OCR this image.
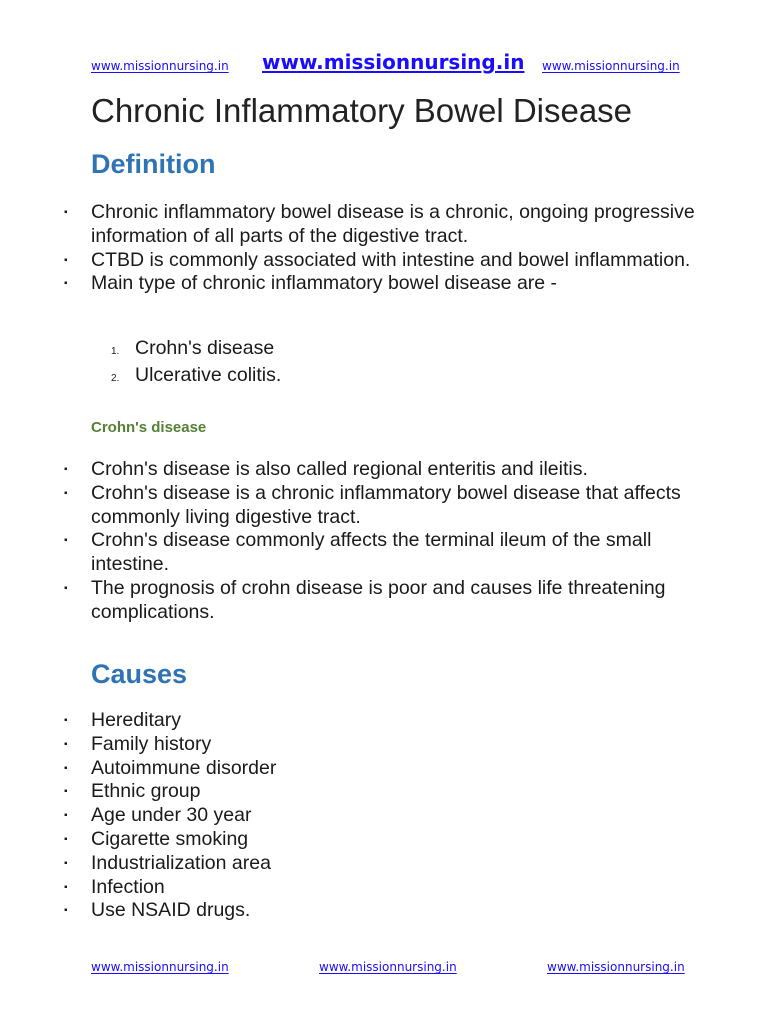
www.missionnursing.in www.missionnursing.in www.missionnursing.in
Chronic Inflammatory Bowel Disease
Definition
▪ Chronic inflammatory bowel disease is a chronic, ongoing progressive information of all parts of the digestive tract.
▪ CTBD is commonly associated with intestine and bowel inflammation.
▪ Main type of chronic inflammatory bowel disease are -
1. Crohn's disease
2. Ulcerative colitis.
Crohn's disease
▪ Crohn's disease is also called regional enteritis and ileitis.
▪ Crohn's disease is a chronic inflammatory bowel disease that affects commonly living digestive tract.
▪ Crohn's disease commonly affects the terminal ileum of the small intestine.
▪ The prognosis of crohn disease is poor and causes life threatening complications.
Causes
▪ Hereditary
▪ Family history
▪ Autoimmune disorder
▪ Ethnic group
▪ Age under 30 year
▪ Cigarette smoking
▪ Industrialization area
▪ Infection
▪ Use NSAID drugs.
www.missionnursing.in	www.missionnursing.in	www.missionnursing.in
